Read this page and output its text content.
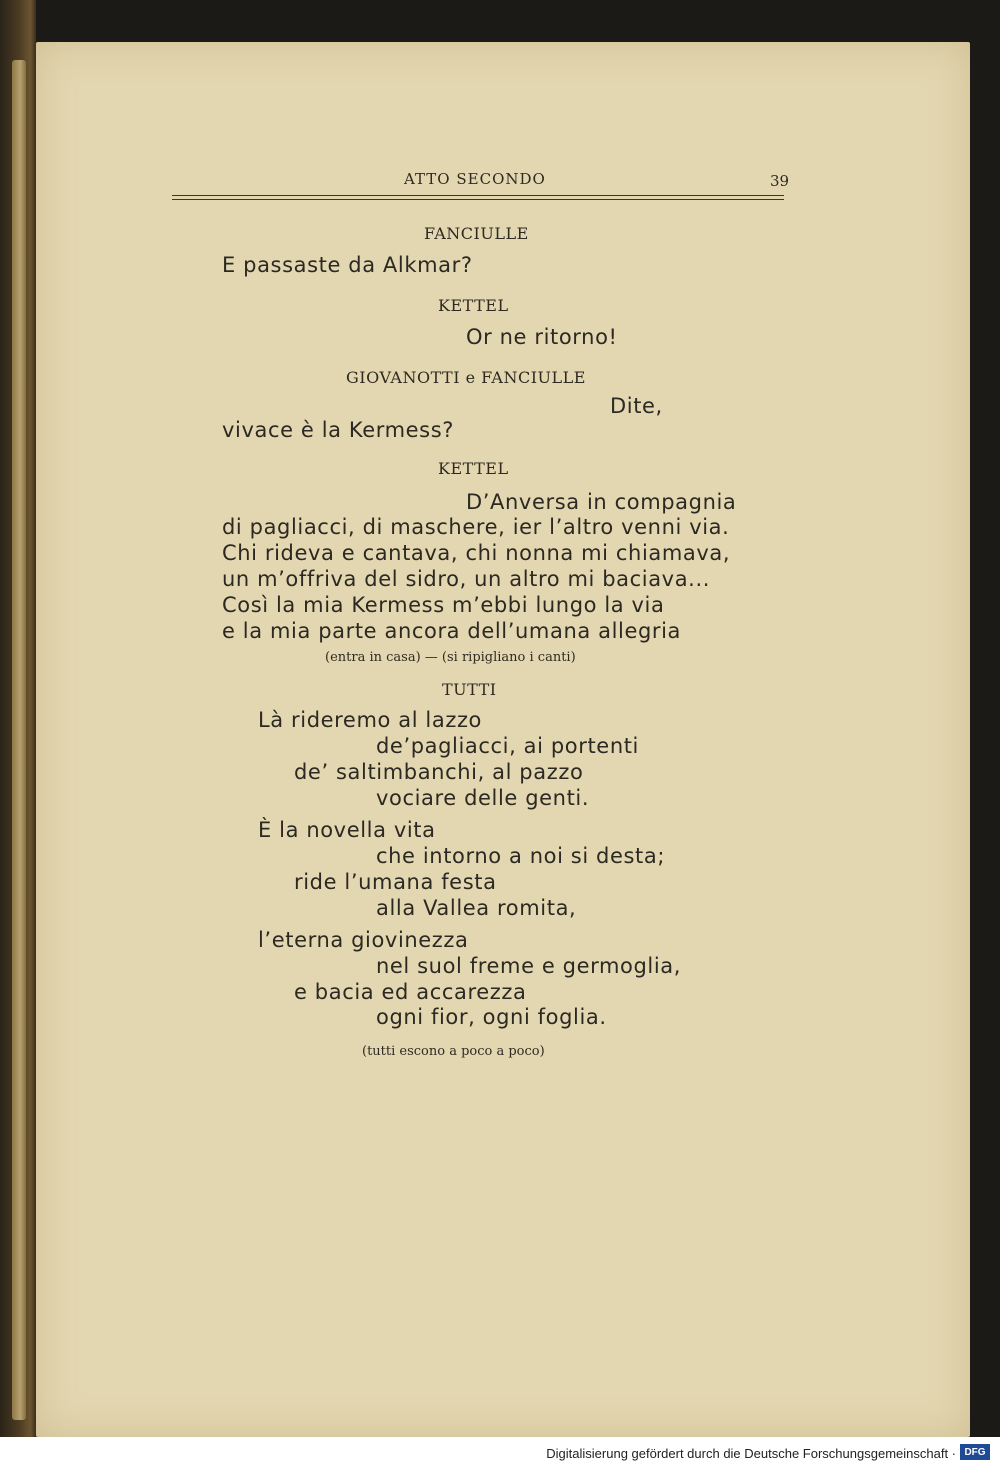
ATTO SECONDO	39
FANCIULLE
E passaste da Alkmar?
KETTEL
Or ne ritorno!
GIOVANOTTI e FANCIULLE
Dite,
vivace è la Kermess?
KETTEL
D’Anversa in compagnia
di pagliacci, di maschere, ier l’altro venni via.
Chi rideva e cantava, chi nonna mi chiamava,
un m’offriva del sidro, un altro mi baciava...
Così la mia Kermess m’ebbi lungo la via
e la mia parte ancora dell’umana allegria
(entra in casa) — (si ripigliano i canti)
TUTTI
Là rideremo al lazzo
de’pagliacci, ai portenti
de’ saltimbanchi, al pazzo
vociare delle genti.
È la novella vita
che intorno a noi si desta;
ride l’umana festa
alla Vallea romita,
l’eterna giovinezza
nel suol freme e germoglia,
e bacia ed accarezza
ogni fior, ogni foglia.
(tutti escono a poco a poco)
Digitalisierung gefördert durch die Deutsche Forschungsgemeinschaft · DFG
